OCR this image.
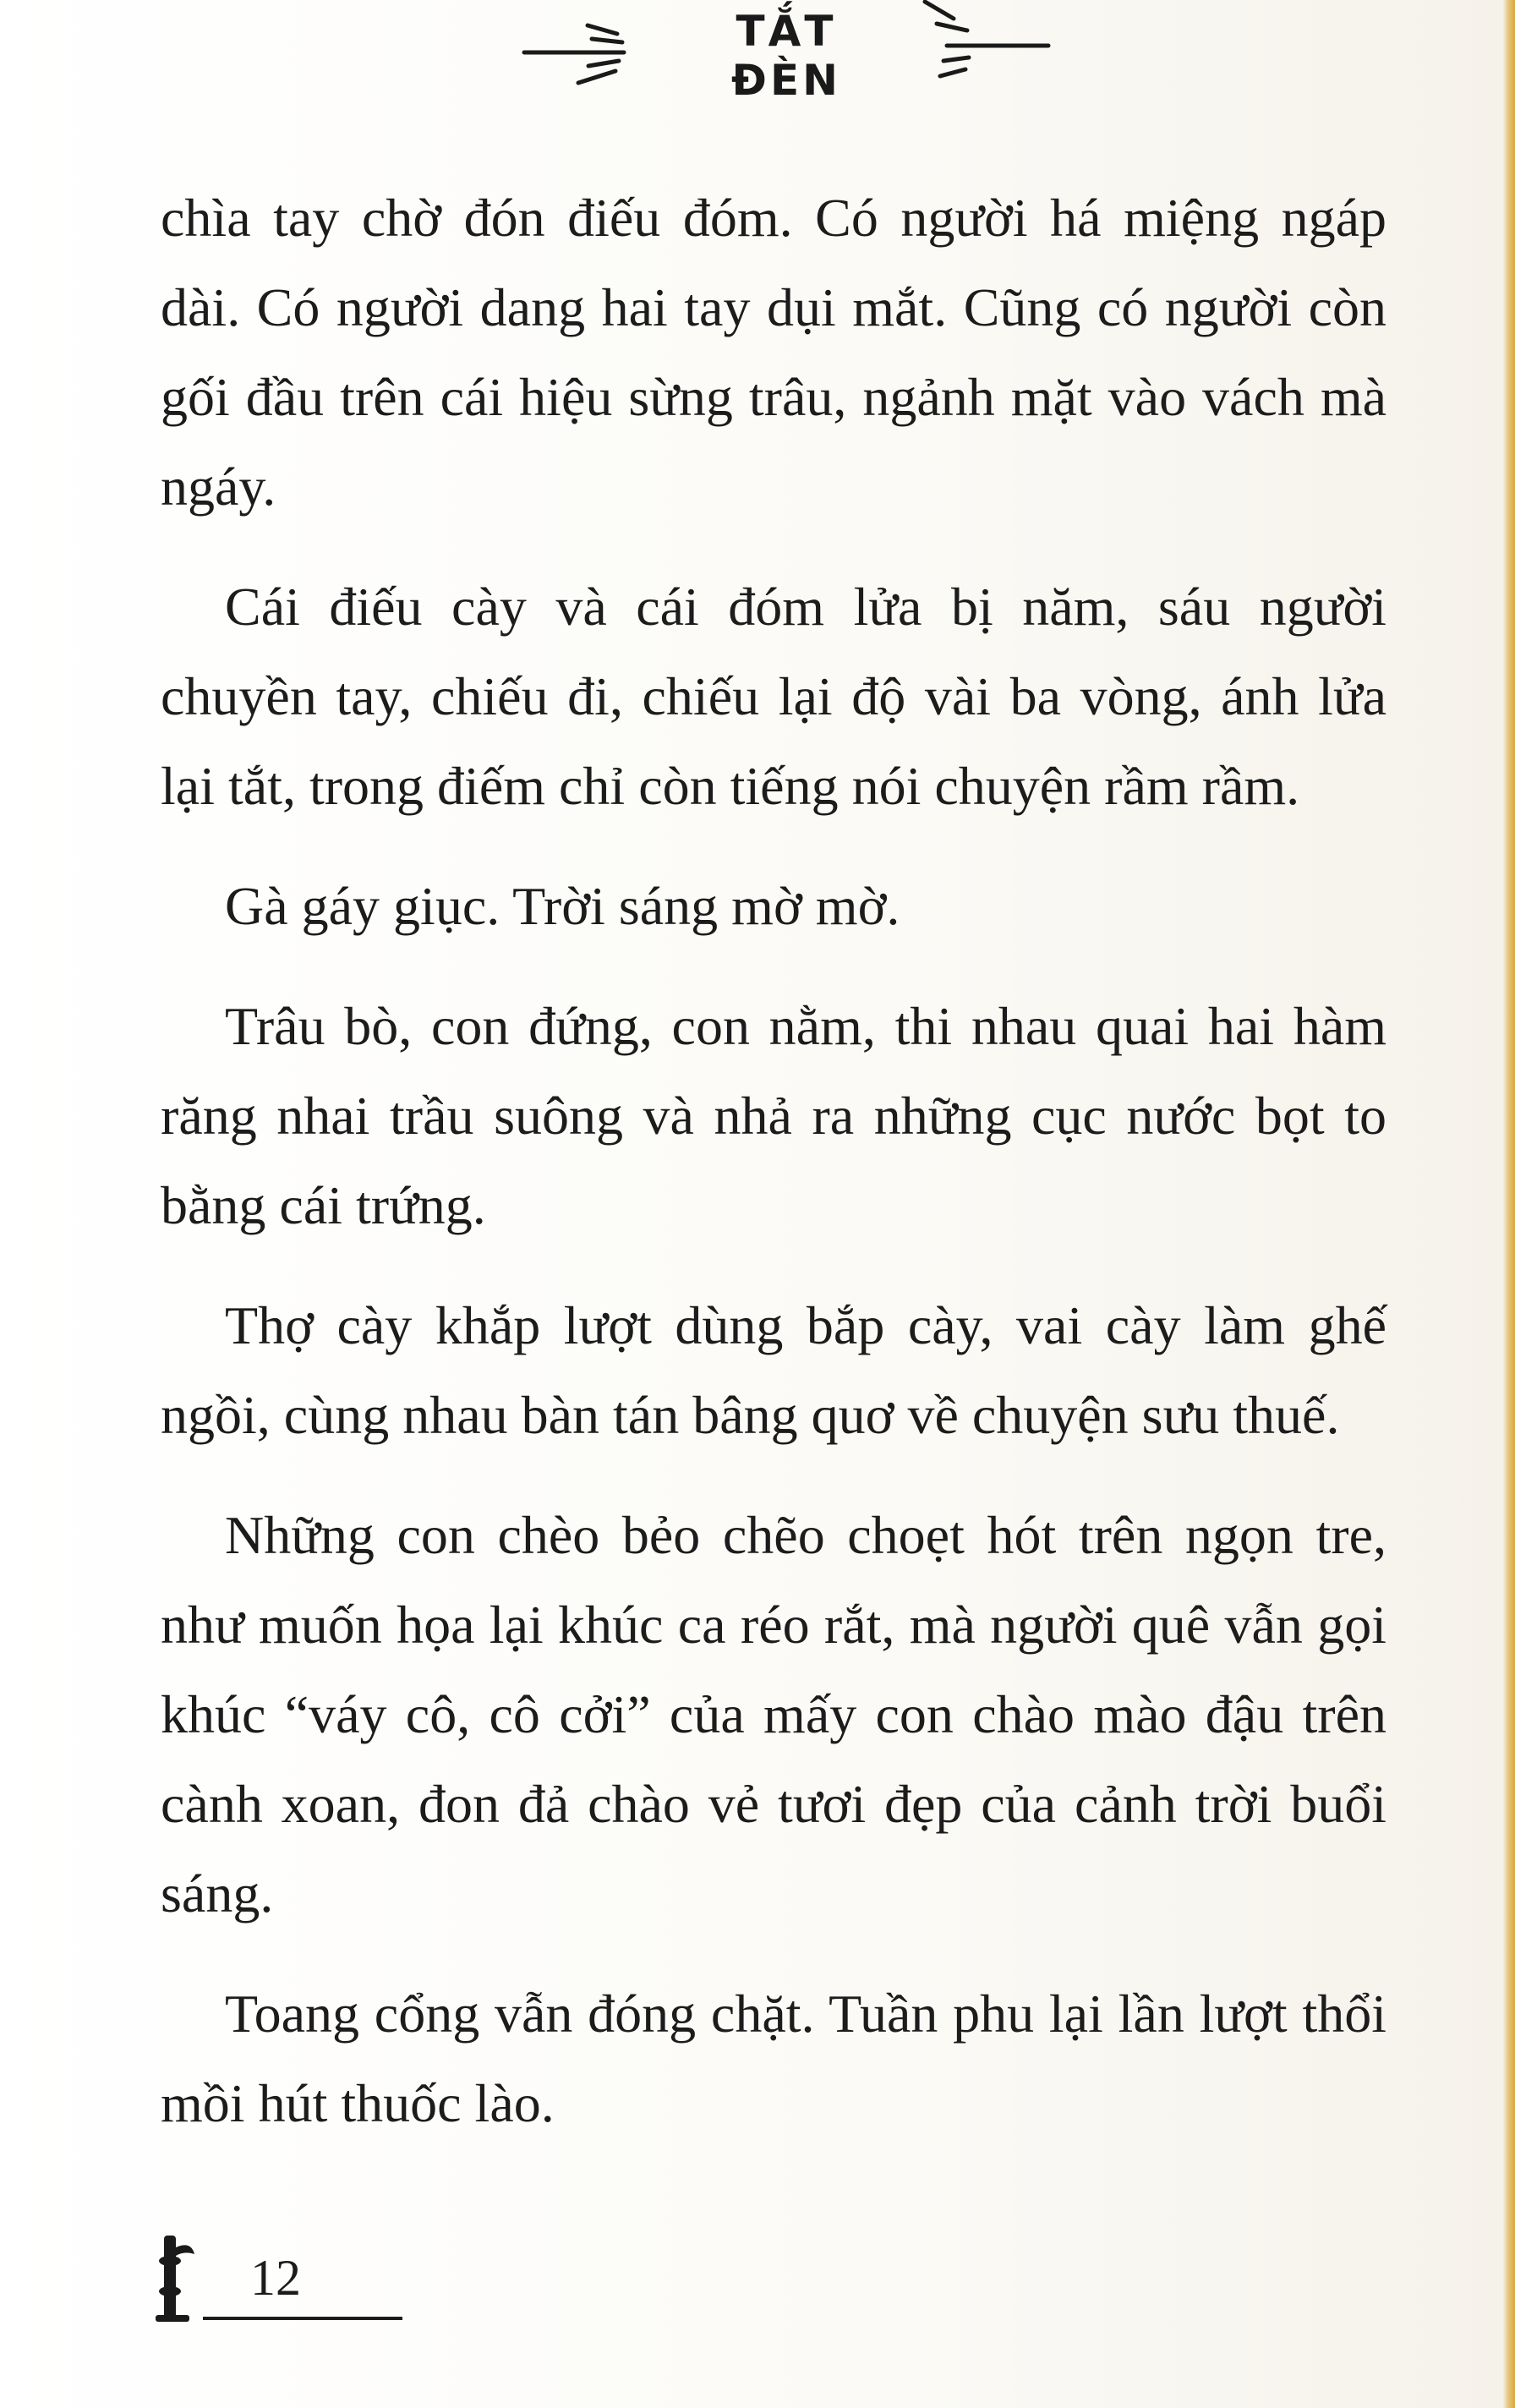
TẮT ĐÈN

chìa tay chờ đón điếu đóm. Có người há miệng ngáp dài. Có người dang hai tay dụi mắt. Cũng có người còn gối đầu trên cái hiệu sừng trâu, ngảnh mặt vào vách mà ngáy.

Cái điếu cày và cái đóm lửa bị năm, sáu người chuyền tay, chiếu đi, chiếu lại độ vài ba vòng, ánh lửa lại tắt, trong điếm chỉ còn tiếng nói chuyện rầm rầm.

Gà gáy giục. Trời sáng mờ mờ.

Trâu bò, con đứng, con nằm, thi nhau quai hai hàm răng nhai trầu suông và nhả ra những cục nước bọt to bằng cái trứng.

Thợ cày khắp lượt dùng bắp cày, vai cày làm ghế ngồi, cùng nhau bàn tán bâng quơ về chuyện sưu thuế.

Những con chèo bẻo chẽo choẹt hót trên ngọn tre, như muốn họa lại khúc ca réo rắt, mà người quê vẫn gọi khúc “váy cô, cô cởi” của mấy con chào mào đậu trên cành xoan, đon đả chào vẻ tươi đẹp của cảnh trời buổi sáng.

Toang cổng vẫn đóng chặt. Tuần phu lại lần lượt thổi mồi hút thuốc lào.

12
